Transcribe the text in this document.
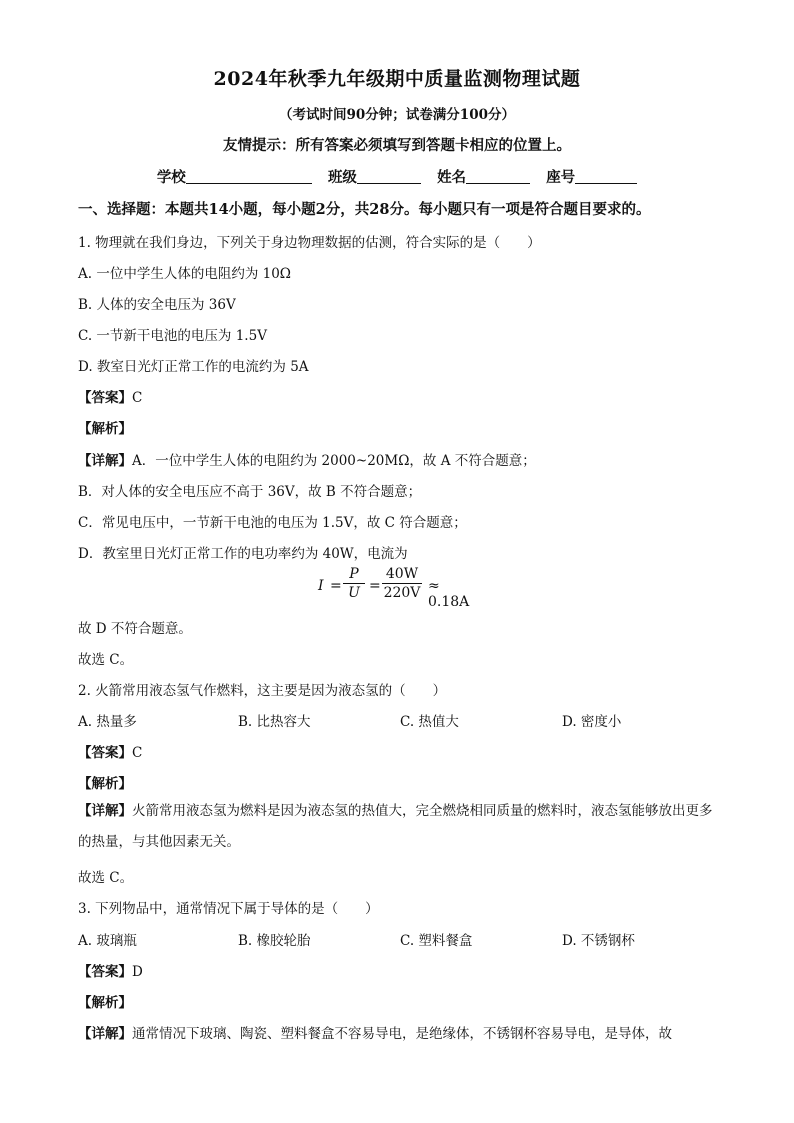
2024年秋季九年级期中质量监测物理试题
（考试时间90分钟；试卷满分100分）
友情提示：所有答案必须填写到答题卡相应的位置上。
学校	班级	姓名	座号
一、选择题：本题共14小题，每小题2分，共28分。每小题只有一项是符合题目要求的。
1. 物理就在我们身边，下列关于身边物理数据的估测，符合实际的是（　　）
A. 一位中学生人体的电阻约为 10Ω
B. 人体的安全电压为 36V
C. 一节新干电池的电压为 1.5V
D. 教室日光灯正常工作的电流约为 5A
【答案】C
【解析】
【详解】A．一位中学生人体的电阻约为 2000~20MΩ，故 A 不符合题意；
B．对人体的安全电压应不高于 36V，故 B 不符合题意；
C．常见电压中，一节新干电池的电压为 1.5V，故 C 符合题意；
D．教室里日光灯正常工作的电功率约为 40W，电流为
$I = \frac{P}{U} = \frac{40W}{220V} \approx 0.18A$
故 D 不符合题意。
故选 C。
2. 火箭常用液态氢气作燃料，这主要是因为液态氢的（　　）
A. 热量多	B. 比热容大	C. 热值大	D. 密度小
【答案】C
【解析】
【详解】火箭常用液态氢为燃料是因为液态氢的热值大，完全燃烧相同质量的燃料时，液态氢能够放出更多的热量，与其他因素无关。
故选 C。
3. 下列物品中，通常情况下属于导体的是（　　）
A. 玻璃瓶	B. 橡胶轮胎	C. 塑料餐盒	D. 不锈钢杯
【答案】D
【解析】
【详解】通常情况下玻璃、陶瓷、塑料餐盒不容易导电，是绝缘体，不锈钢杯容易导电，是导体，故
